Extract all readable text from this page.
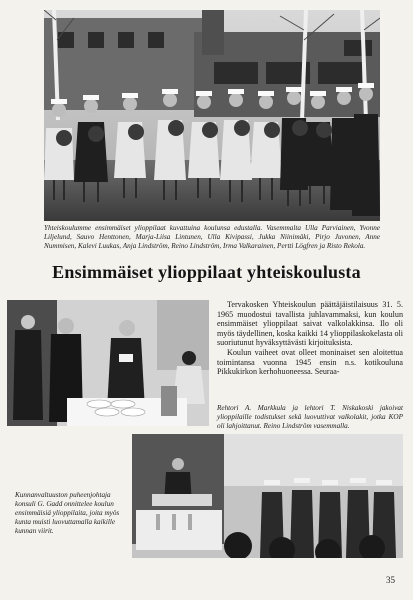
Yhteiskoulumme ensimmäiset ylioppilaat kuvattuina koulunsa edustalla. Vasemmalta Ulla Parviainen, Yvonne Liljelund, Sauvo Henttonen, Marja-Liisa Lintunen, Ulla Kivipassi, Jukka Niinimäki, Pirjo Juvonen, Anne Nummisen, Kalevi Luukas, Anja Lindström, Reino Lindström, Irma Valkarainen, Pertti Lögfren ja Risto Rekola.

Ensimmäiset ylioppilaat yhteiskoulusta

Tervakosken Yhteiskoulun päättäjäistilaisuus 31. 5. 1965 muodostui tavallista juhlavammaksi, kun koulun ensimmäiset ylioppilaat saivat valkolakkinsa. Ilo oli myös täydellinen, koska kaikki 14 ylioppilaskokelasta oli suoriutunut hyväksyttävästi kirjoituksista.

Koulun vaiheet ovat olleet moninaiset sen aloitettua toimintansa vuonna 1945 ensin n.s. kotikouluna Pikkukirkon kerhohuoneessa. Seuraa-

Rehtori A. Markkula ja lehtori T. Niskakoski jakoivat ylioppilaille todistukset sekä luovuttivat valkolakit, jotka KOP oli lahjoittanut. Reino Lindström vasemmalla.

Kunnanvaltuuston puheenjohtaja konsuli G. Gadd onnittelee koulun ensimmäisiä ylioppilaita, joita myös kunta muisti luovuttamalla kaikille kunnan viirit.

35
